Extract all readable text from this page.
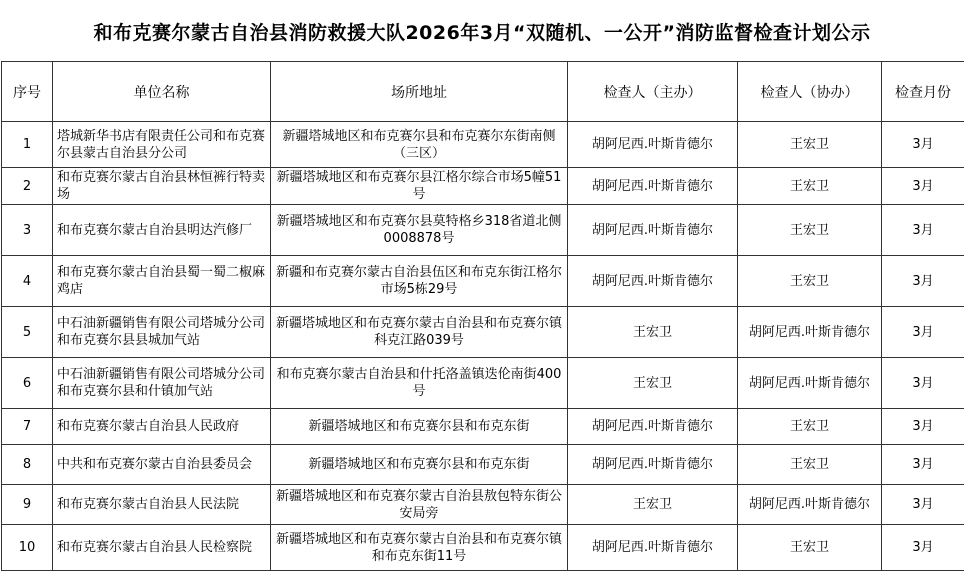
和布克赛尔蒙古自治县消防救援大队2026年3月“双随机、一公开”消防监督检查计划公示
序号	单位名称	场所地址	检查人（主办）	检查人（协办）	检查月份
1	塔城新华书店有限责任公司和布克赛尔县蒙古自治县分公司	新疆塔城地区和布克赛尔县和布克赛尔东街南侧（三区）	胡阿尼西.叶斯肯德尔	王宏卫	3月
2	和布克赛尔蒙古自治县林恒裤行特卖场	新疆塔城地区和布克赛尔县江格尔综合市场5幢51号	胡阿尼西.叶斯肯德尔	王宏卫	3月
3	和布克赛尔蒙古自治县明达汽修厂	新疆塔城地区和布克赛尔县莫特格乡318省道北侧0008878号	胡阿尼西.叶斯肯德尔	王宏卫	3月
4	和布克赛尔蒙古自治县蜀一蜀二椒麻鸡店	新疆和布克赛尔蒙古自治县伍区和布克东街江格尔市场5栋29号	胡阿尼西.叶斯肯德尔	王宏卫	3月
5	中石油新疆销售有限公司塔城分公司和布克赛尔县县城加气站	新疆塔城地区和布克赛尔蒙古自治县和布克赛尔镇科克江路039号	王宏卫	胡阿尼西.叶斯肯德尔	3月
6	中石油新疆销售有限公司塔城分公司和布克赛尔县和什镇加气站	和布克赛尔蒙古自治县和什托洛盖镇迭伦南街400号	王宏卫	胡阿尼西.叶斯肯德尔	3月
7	和布克赛尔蒙古自治县人民政府	新疆塔城地区和布克赛尔县和布克东街	胡阿尼西.叶斯肯德尔	王宏卫	3月
8	中共和布克赛尔蒙古自治县委员会	新疆塔城地区和布克赛尔县和布克东街	胡阿尼西.叶斯肯德尔	王宏卫	3月
9	和布克赛尔蒙古自治县人民法院	新疆塔城地区和布克赛尔蒙古自治县敖包特东街公安局旁	王宏卫	胡阿尼西.叶斯肯德尔	3月
10	和布克赛尔蒙古自治县人民检察院	新疆塔城地区和布克赛尔蒙古自治县和布克赛尔镇和布克东街11号	胡阿尼西.叶斯肯德尔	王宏卫	3月
